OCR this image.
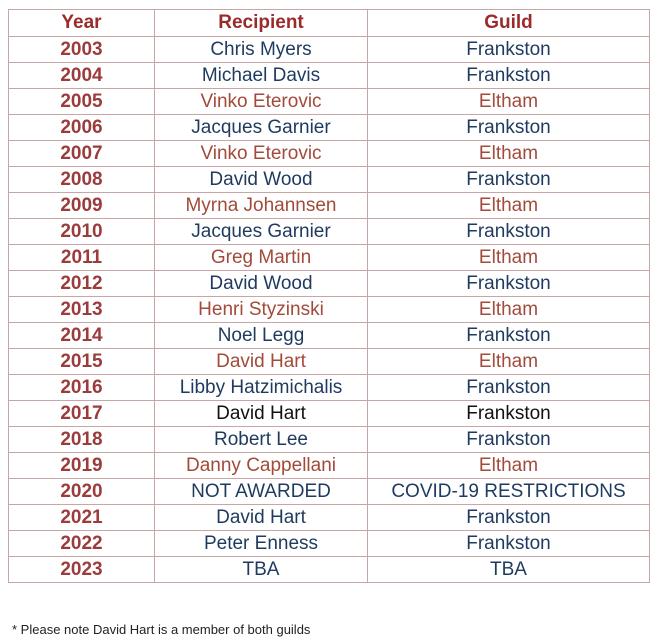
Year	Recipient	Guild
2003	Chris Myers	Frankston
2004	Michael Davis	Frankston
2005	Vinko Eterovic	Eltham
2006	Jacques Garnier	Frankston
2007	Vinko Eterovic	Eltham
2008	David Wood	Frankston
2009	Myrna Johannsen	Eltham
2010	Jacques Garnier	Frankston
2011	Greg Martin	Eltham
2012	David Wood	Frankston
2013	Henri Styzinski	Eltham
2014	Noel Legg	Frankston
2015	David Hart	Eltham
2016	Libby Hatzimichalis	Frankston
2017	David Hart	Frankston
2018	Robert Lee	Frankston
2019	Danny Cappellani	Eltham
2020	NOT AWARDED	COVID-19 RESTRICTIONS
2021	David Hart	Frankston
2022	Peter Enness	Frankston
2023	TBA	TBA
* Please note David Hart is a member of both guilds
